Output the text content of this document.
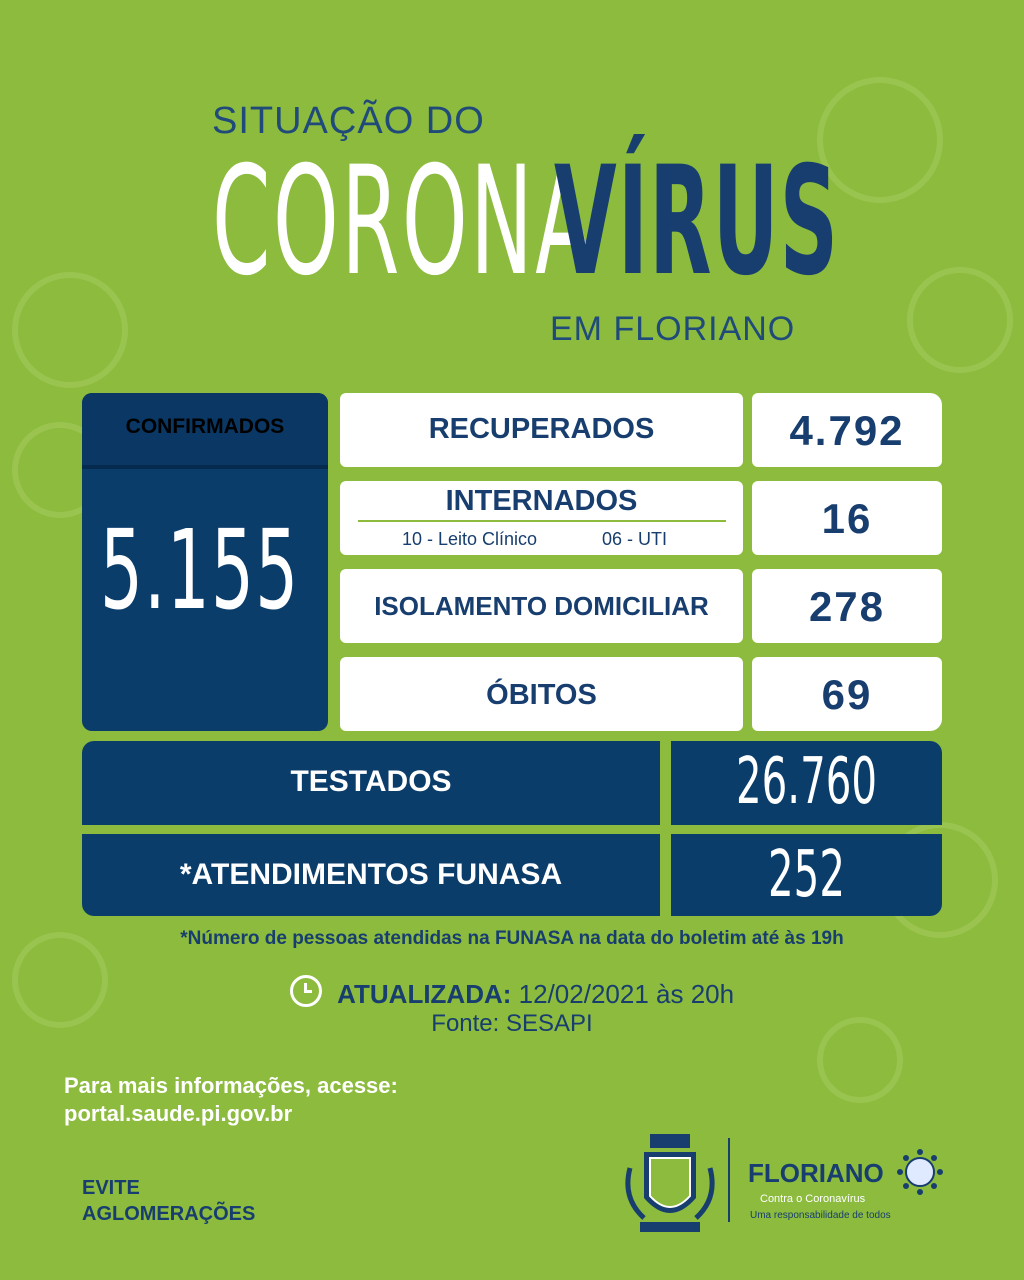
SITUAÇÃO DO
CORONA
VÍRUS
EM FLORIANO
CONFIRMADOS
5.155
RECUPERADOS	4.792
INTERNADOS
10 - Leito Clínico	06 - UTI	16
ISOLAMENTO DOMICILIAR	278
ÓBITOS	69
TESTADOS	26.760
*ATENDIMENTOS FUNASA	252
*Número de pessoas atendidas na FUNASA na data do boletim até às 19h
ATUALIZADA: 12/02/2021 às 20h
Fonte: SESAPI
Para mais informações, acesse:
portal.saude.pi.gov.br
EVITE
AGLOMERAÇÕES
FLORIANO
Contra o Coronavírus
Uma responsabilidade de todos
